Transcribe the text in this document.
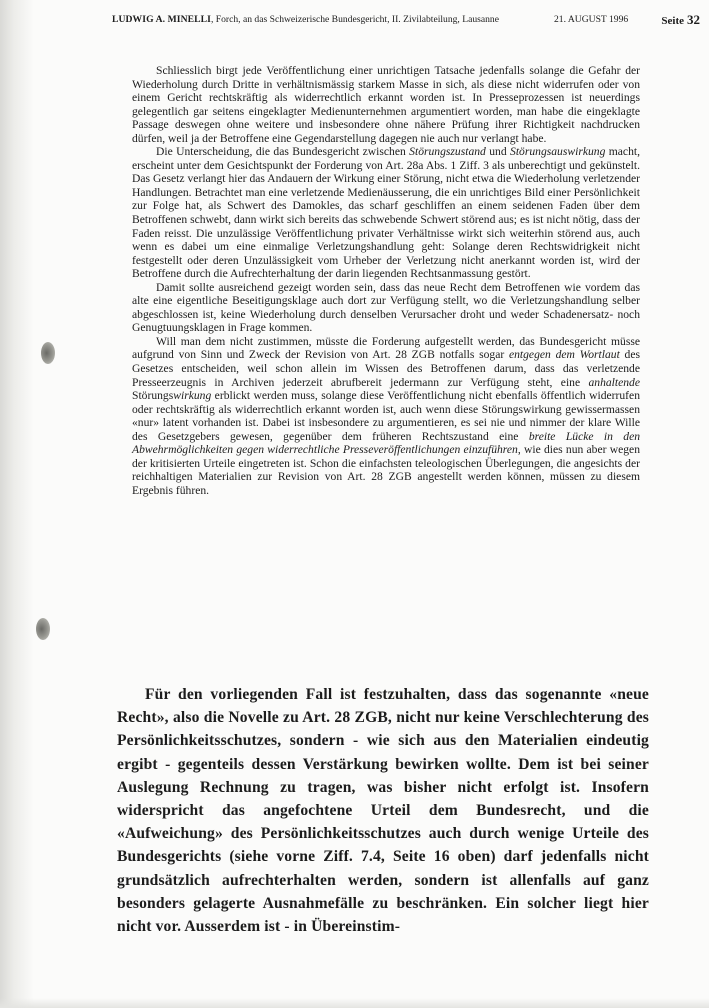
LUDWIG A. MINELLI, Forch, an das Schweizerische Bundesgericht, II. Zivilabteilung, Lausanne	21. AUGUST 1996	Seite 32

Schliesslich birgt jede Veröffentlichung einer unrichtigen Tatsache jedenfalls solange die Gefahr der Wiederholung durch Dritte in verhältnismässig starkem Masse in sich, als diese nicht widerrufen oder von einem Gericht rechtskräftig als widerrechtlich erkannt worden ist. In Presseprozessen ist neuerdings gelegentlich gar seitens eingeklagter Medienunternehmen argumentiert worden, man habe die eingeklagte Passage deswegen ohne weitere und insbesondere ohne nähere Prüfung ihrer Richtigkeit nachdrucken dürfen, weil ja der Betroffene eine Gegendarstellung dagegen nie auch nur verlangt habe.

Die Unterscheidung, die das Bundesgericht zwischen Störungszustand und Störungsauswirkung macht, erscheint unter dem Gesichtspunkt der Forderung von Art. 28a Abs. 1 Ziff. 3 als unberechtigt und gekünstelt. Das Gesetz verlangt hier das Andauern der Wirkung einer Störung, nicht etwa die Wiederholung verletzender Handlungen. Betrachtet man eine verletzende Medienäusserung, die ein unrichtiges Bild einer Persönlichkeit zur Folge hat, als Schwert des Damokles, das scharf geschliffen an einem seidenen Faden über dem Betroffenen schwebt, dann wirkt sich bereits das schwebende Schwert störend aus; es ist nicht nötig, dass der Faden reisst. Die unzulässige Veröffentlichung privater Verhältnisse wirkt sich weiterhin störend aus, auch wenn es dabei um eine einmalige Verletzungshandlung geht: Solange deren Rechtswidrigkeit nicht festgestellt oder deren Unzulässigkeit vom Urheber der Verletzung nicht anerkannt worden ist, wird der Betroffene durch die Aufrechterhaltung der darin liegenden Rechtsanmassung gestört.

Damit sollte ausreichend gezeigt worden sein, dass das neue Recht dem Betroffenen wie vordem das alte eine eigentliche Beseitigungsklage auch dort zur Verfügung stellt, wo die Verletzungshandlung selber abgeschlossen ist, keine Wiederholung durch denselben Verursacher droht und weder Schadenersatz- noch Genugtuungsklagen in Frage kommen.

Will man dem nicht zustimmen, müsste die Forderung aufgestellt werden, das Bundesgericht müsse aufgrund von Sinn und Zweck der Revision von Art. 28 ZGB notfalls sogar entgegen dem Wortlaut des Gesetzes entscheiden, weil schon allein im Wissen des Betroffenen darum, dass das verletzende Presseerzeugnis in Archiven jederzeit abrufbereit jedermann zur Verfügung steht, eine anhaltende Störungswirkung erblickt werden muss, solange diese Veröffentlichung nicht ebenfalls öffentlich widerrufen oder rechtskräftig als widerrechtlich erkannt worden ist, auch wenn diese Störungswirkung gewissermassen «nur» latent vorhanden ist. Dabei ist insbesondere zu argumentieren, es sei nie und nimmer der klare Wille des Gesetzgebers gewesen, gegenüber dem früheren Rechtszustand eine breite Lücke in den Abwehrmöglichkeiten gegen widerrechtliche Presseveröffentlichungen einzuführen, wie dies nun aber wegen der kritisierten Urteile eingetreten ist. Schon die einfachsten teleologischen Überlegungen, die angesichts der reichhaltigen Materialien zur Revision von Art. 28 ZGB angestellt werden können, müssen zu diesem Ergebnis führen.

Für den vorliegenden Fall ist festzuhalten, dass das sogenannte «neue Recht», also die Novelle zu Art. 28 ZGB, nicht nur keine Verschlechterung des Persönlichkeitsschutzes, sondern - wie sich aus den Materialien eindeutig ergibt - gegenteils dessen Verstärkung bewirken wollte. Dem ist bei seiner Auslegung Rechnung zu tragen, was bisher nicht erfolgt ist. Insofern widerspricht das angefochtene Urteil dem Bundesrecht, und die «Aufweichung» des Persönlichkeitsschutzes auch durch wenige Urteile des Bundesgerichts (siehe vorne Ziff. 7.4, Seite 16 oben) darf jedenfalls nicht grundsätzlich aufrechterhalten werden, sondern ist allenfalls auf ganz besonders gelagerte Ausnahmefälle zu beschränken. Ein solcher liegt hier nicht vor. Ausserdem ist - in Übereinstim-
